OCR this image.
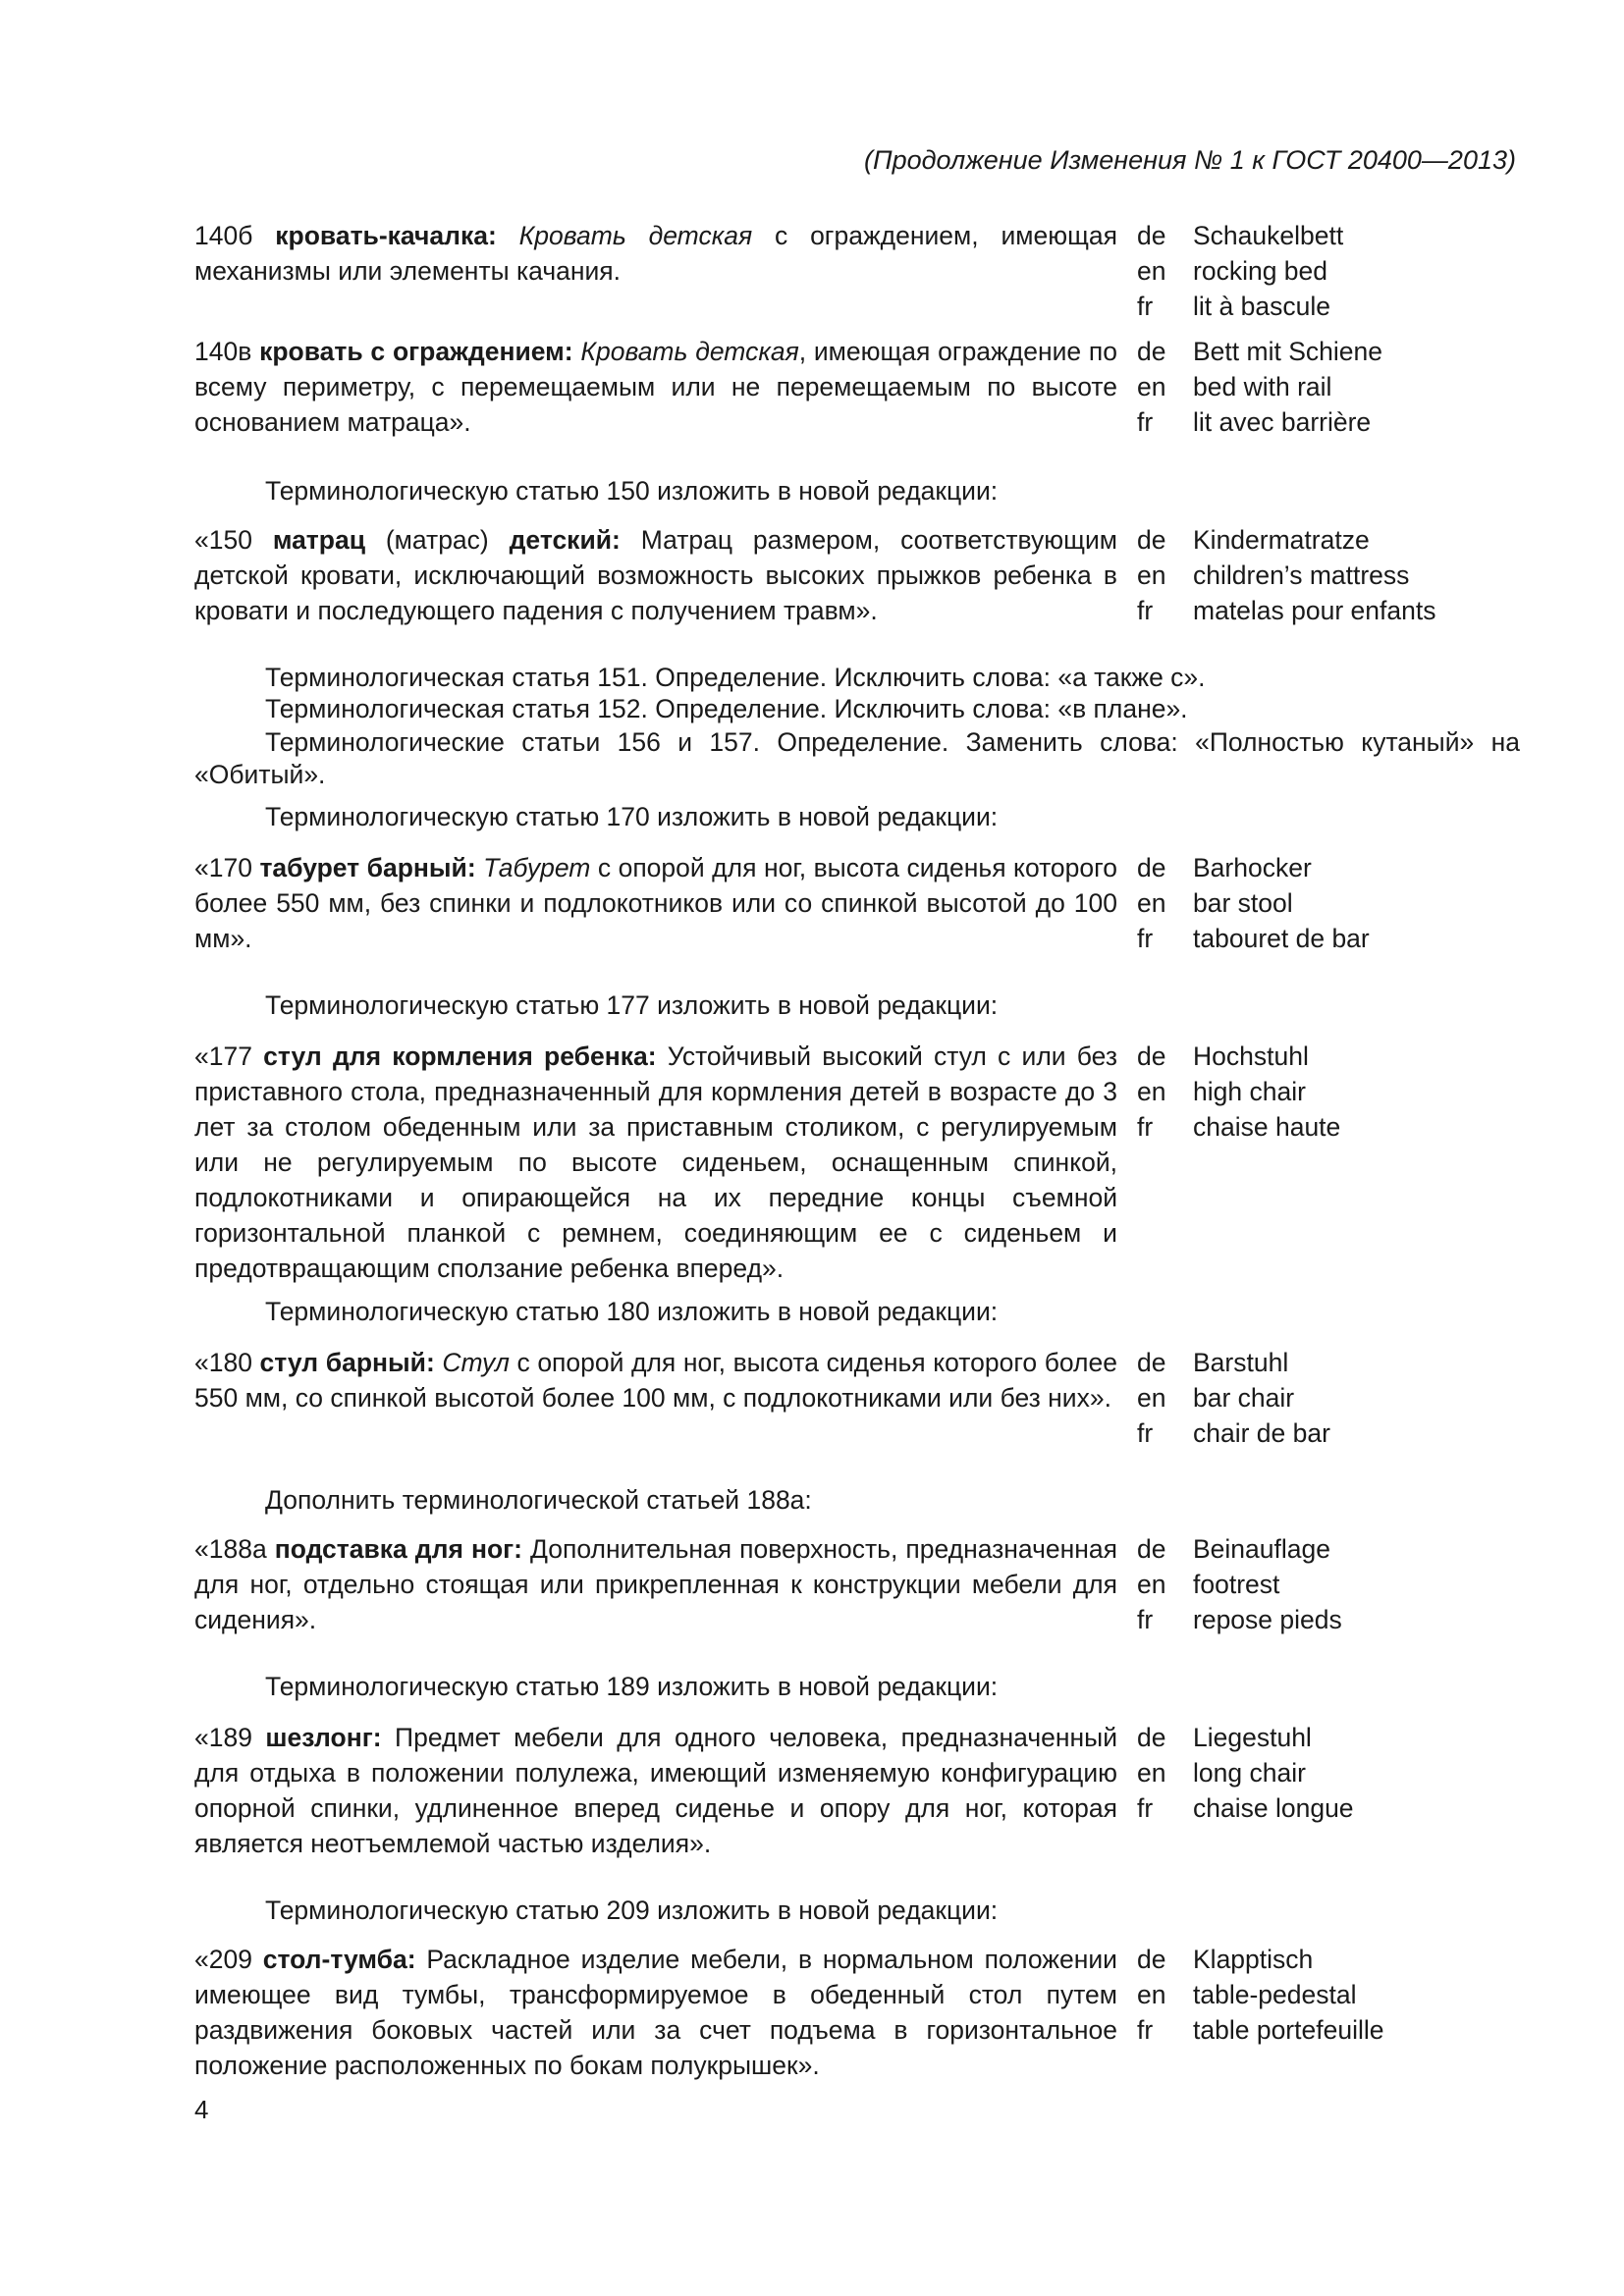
(Продолжение Изменения № 1 к ГОСТ 20400—2013)
140б кровать-качалка: Кровать детская с ограждением, имеющая механизмы или элементы качания.
de
en
fr
Schaukelbett
rocking bed
lit à bascule
140в кровать с ограждением: Кровать детская, имеющая ограждение по всему периметру, с перемещаемым или не перемещаемым по высоте основанием матраца».
de
en
fr
Bett mit Schiene
bed with rail
lit avec barrière
Терминологическую статью 150 изложить в новой редакции:
«150 матрац (матрас) детский: Матрац размером, соответствующим детской кровати, исключающий возможность высоких прыжков ребенка в кровати и последующего падения с получением травм».
de
en
fr
Kindermatratze
children’s mattress
matelas pour enfants
Терминологическая статья 151. Определение. Исключить слова: «а также с».
Терминологическая статья 152. Определение. Исключить слова: «в плане».
Терминологические статьи 156 и 157. Определение. Заменить слова: «Полностью кутаный» на «Обитый».
Терминологическую статью 170 изложить в новой редакции:
«170 табурет барный: Табурет с опорой для ног, высота сиденья которого более 550 мм, без спинки и подлокотников или со спинкой высотой до 100 мм».
de
en
fr
Barhocker
bar stool
tabouret de bar
Терминологическую статью 177 изложить в новой редакции:
«177 стул для кормления ребенка: Устойчивый высокий стул с или без приставного стола, предназначенный для кормления детей в возрасте до 3 лет за столом обеденным или за приставным столиком, с регулируемым или не регулируемым по высоте сиденьем, оснащенным спинкой, подлокотниками и опирающейся на их передние концы съемной горизонтальной планкой с ремнем, соединяющим ее с сиденьем и предотвращающим сползание ребенка вперед».
de
en
fr
Hochstuhl
high chair
chaise haute
Терминологическую статью 180 изложить в новой редакции:
«180 стул барный: Стул с опорой для ног, высота сиденья которого более 550 мм, со спинкой высотой более 100 мм, с подлокотниками или без них».
de
en
fr
Barstuhl
bar chair
chair de bar
Дополнить терминологической статьей 188а:
«188а подставка для ног: Дополнительная поверхность, предназначенная для ног, отдельно стоящая или прикрепленная к конструкции мебели для сидения».
de
en
fr
Beinauflage
footrest
repose pieds
Терминологическую статью 189 изложить в новой редакции:
«189 шезлонг: Предмет мебели для одного человека, предназначенный для отдыха в положении полулежа, имеющий изменяемую конфигурацию опорной спинки, удлиненное вперед сиденье и опору для ног, которая является неотъемлемой частью изделия».
de
en
fr
Liegestuhl
long chair
chaise longue
Терминологическую статью 209 изложить в новой редакции:
«209 стол-тумба: Раскладное изделие мебели, в нормальном положении имеющее вид тумбы, трансформируемое в обеденный стол путем раздвижения боковых частей или за счет подъема в горизонтальное положение расположенных по бокам полукрышек».
de
en
fr
Klapptisch
table-pedestal
table portefeuille
4
